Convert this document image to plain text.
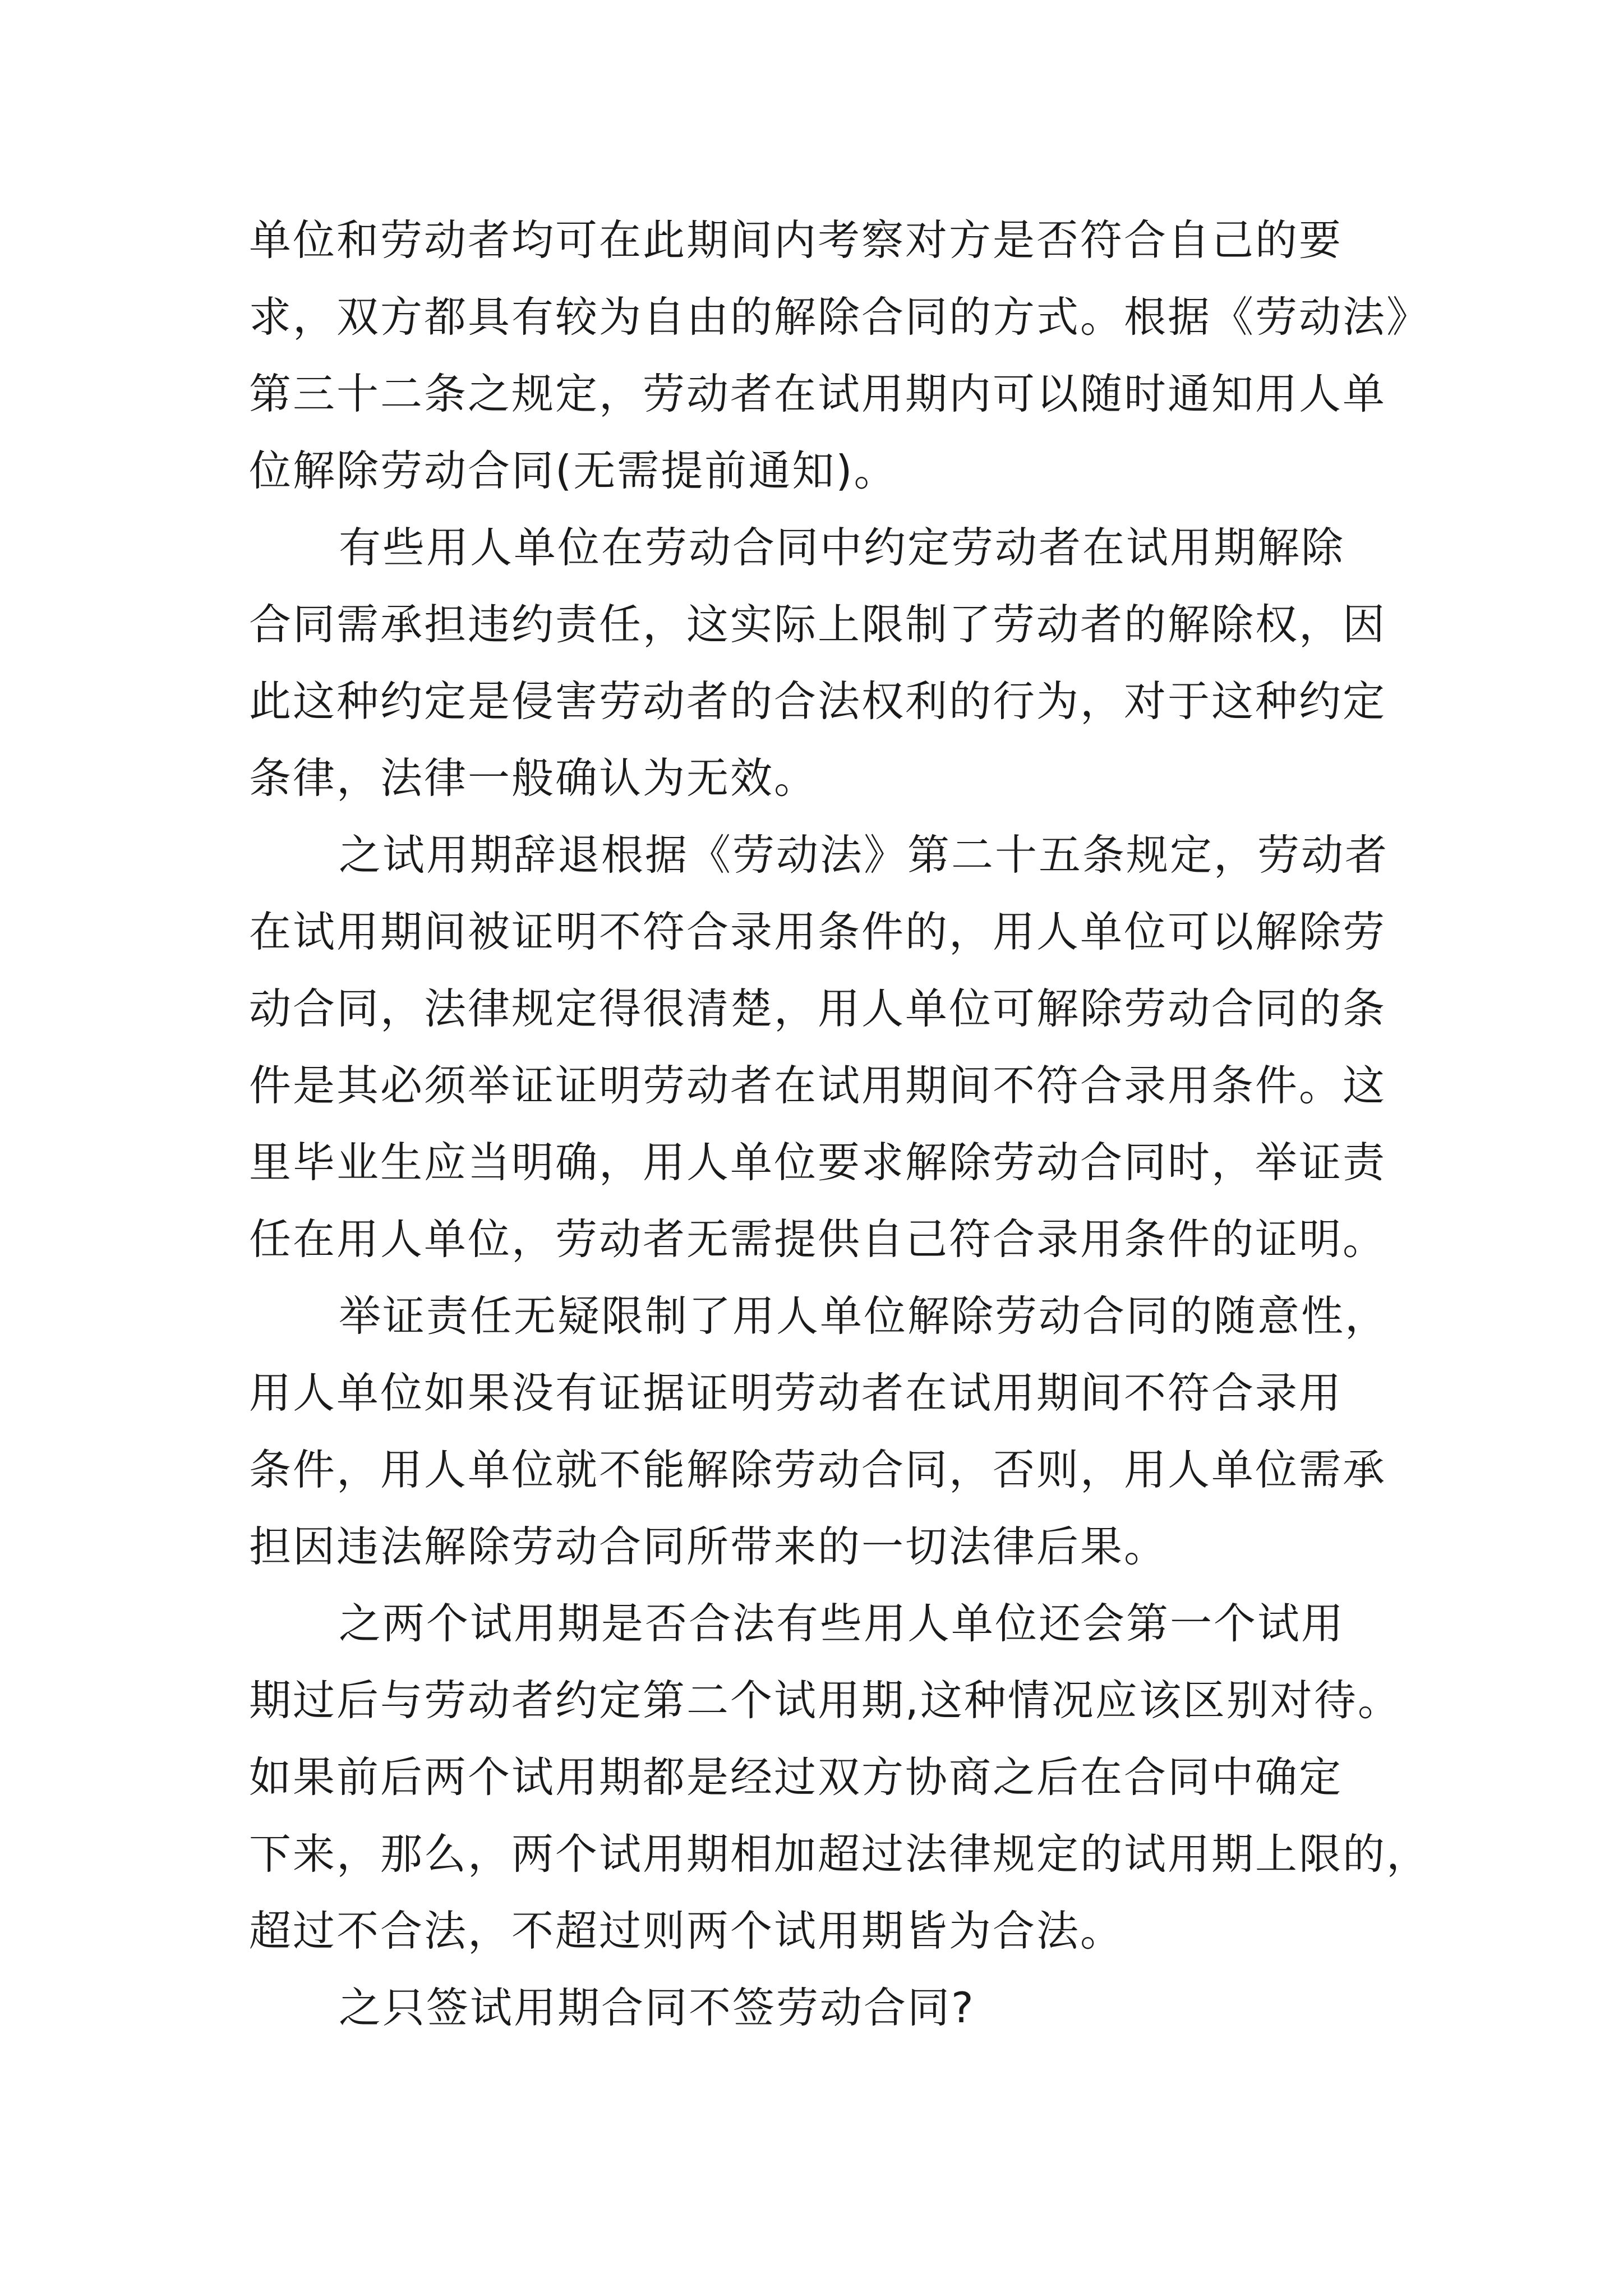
单位和劳动者均可在此期间内考察对方是否符合自己的要
求，双方都具有较为自由的解除合同的方式。根据《劳动法》
第三十二条之规定，劳动者在试用期内可以随时通知用人单
位解除劳动合同(无需提前通知)。

有些用人单位在劳动合同中约定劳动者在试用期解除
合同需承担违约责任，这实际上限制了劳动者的解除权，因
此这种约定是侵害劳动者的合法权利的行为，对于这种约定
条律，法律一般确认为无效。

之试用期辞退根据《劳动法》第二十五条规定，劳动者
在试用期间被证明不符合录用条件的，用人单位可以解除劳
动合同，法律规定得很清楚，用人单位可解除劳动合同的条
件是其必须举证证明劳动者在试用期间不符合录用条件。这
里毕业生应当明确，用人单位要求解除劳动合同时，举证责
任在用人单位，劳动者无需提供自己符合录用条件的证明。

举证责任无疑限制了用人单位解除劳动合同的随意性，
用人单位如果没有证据证明劳动者在试用期间不符合录用
条件，用人单位就不能解除劳动合同，否则，用人单位需承
担因违法解除劳动合同所带来的一切法律后果。

之两个试用期是否合法有些用人单位还会第一个试用
期过后与劳动者约定第二个试用期,这种情况应该区别对待。
如果前后两个试用期都是经过双方协商之后在合同中确定
下来，那么，两个试用期相加超过法律规定的试用期上限的，
超过不合法，不超过则两个试用期皆为合法。

之只签试用期合同不签劳动合同?
